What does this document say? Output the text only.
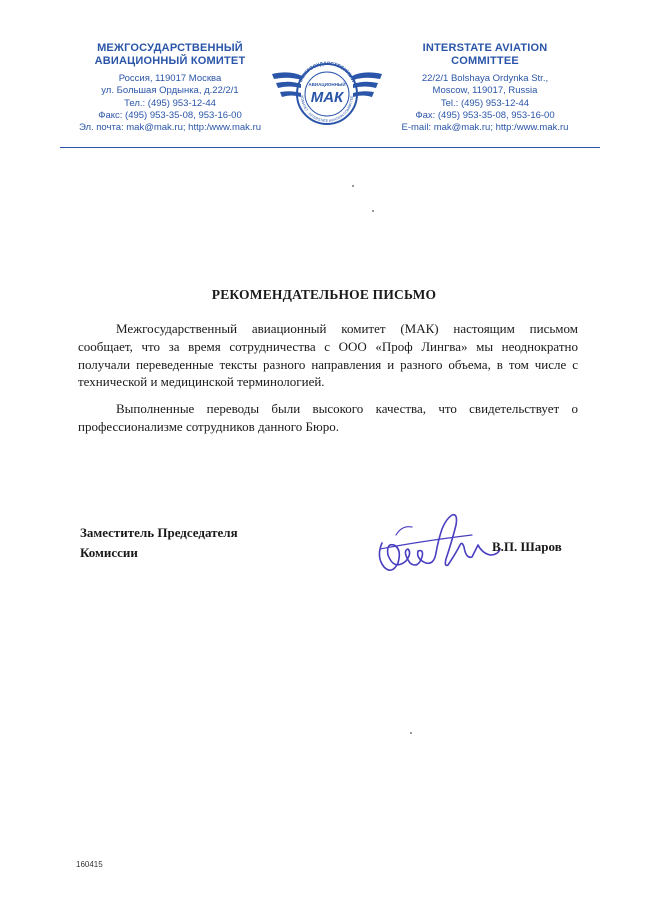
МЕЖГОСУДАРСТВЕННЫЙ
АВИАЦИОННЫЙ КОМИТЕТ
Россия, 119017 Москва
ул. Большая Ордынка, д.22/2/1
Тел.: (495) 953-12-44
Факс: (495) 953-35-08, 953-16-00
Эл. почта: mak@mak.ru; http:/www.mak.ru
МЕЖГОСУДАРСТВЕННЫЙ
КОМИТЕТ · INTERSTATE AVIATION COMMITTEE
АВИАЦИОННЫЙ
МАК
INTERSTATE AVIATION
COMMITTEE
22/2/1 Bolshaya Ordynka Str.,
Moscow, 119017, Russia
Tel.: (495) 953-12-44
Фax: (495) 953-35-08, 953-16-00
E-mail: mak@mak.ru; http:/www.mak.ru
РЕКОМЕНДАТЕЛЬНОЕ ПИСЬМО

Межгосударственный авиационный комитет (МАК) настоящим письмом сообщает, что за время сотрудничества с ООО «Проф Лингва» мы неоднократно получали переведенные тексты разного направления и разного объема, в том числе с технической и медицинской терминологией.

Выполненные переводы были высокого качества, что свидетельствует о профессионализме сотрудников данного Бюро.

Заместитель Председателя
Комиссии	В.П. Шаров
160415
